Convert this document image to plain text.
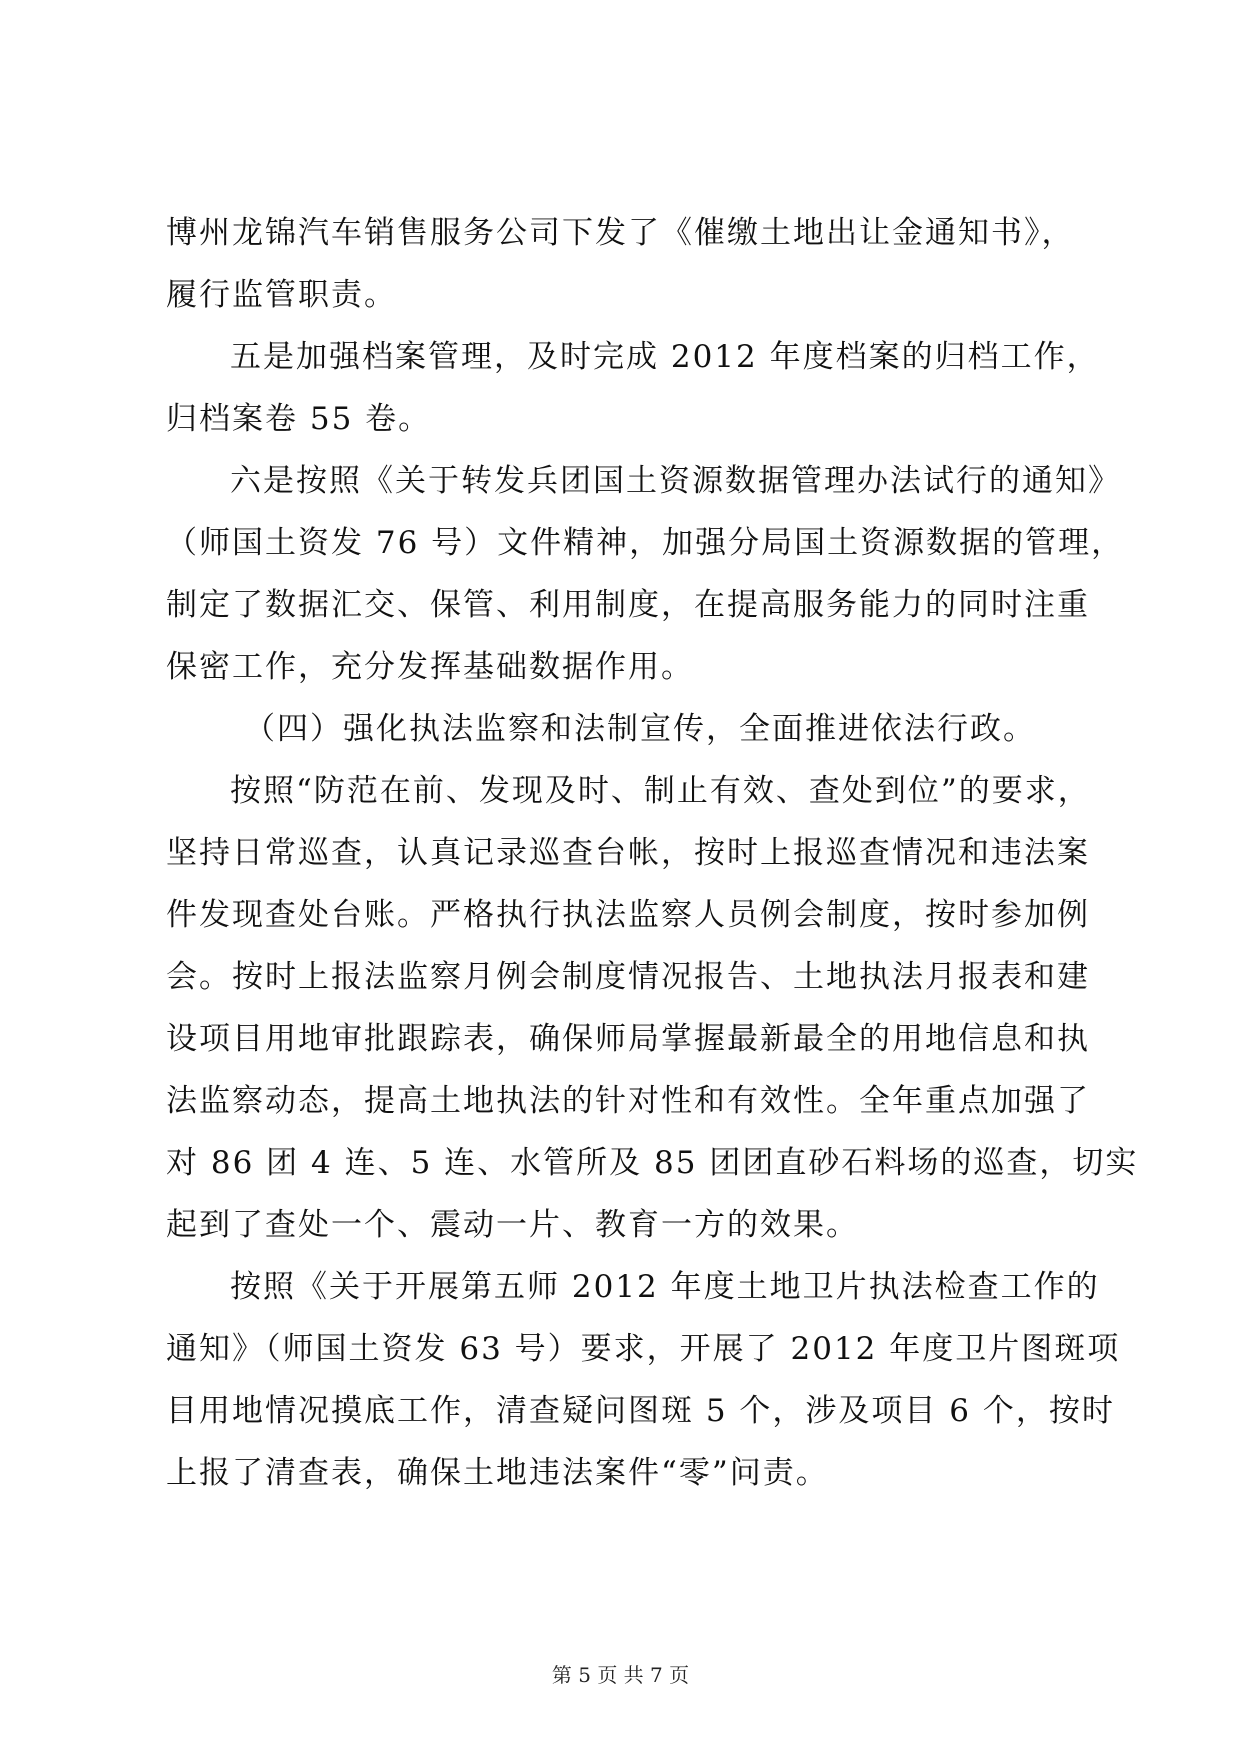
博州龙锦汽车销售服务公司下发了《催缴土地出让金通知书》，
履行监管职责。
五是加强档案管理，及时完成 2012 年度档案的归档工作，
归档案卷 55 卷。
六是按照《关于转发兵团国土资源数据管理办法试行的通知》
（师国土资发 76 号）文件精神，加强分局国土资源数据的管理，
制定了数据汇交、保管、利用制度，在提高服务能力的同时注重
保密工作，充分发挥基础数据作用。
（四）强化执法监察和法制宣传，全面推进依法行政。
按照“防范在前、发现及时、制止有效、查处到位”的要求，
坚持日常巡查，认真记录巡查台帐，按时上报巡查情况和违法案
件发现查处台账。严格执行执法监察人员例会制度，按时参加例
会。按时上报法监察月例会制度情况报告、土地执法月报表和建
设项目用地审批跟踪表，确保师局掌握最新最全的用地信息和执
法监察动态，提高土地执法的针对性和有效性。全年重点加强了
对 86 团 4 连、5 连、水管所及 85 团团直砂石料场的巡查，切实
起到了查处一个、震动一片、教育一方的效果。
按照《关于开展第五师 2012 年度土地卫片执法检查工作的
通知》（师国土资发 63 号）要求，开展了 2012 年度卫片图斑项
目用地情况摸底工作，清查疑问图斑 5 个，涉及项目 6 个，按时
上报了清查表，确保土地违法案件“零”问责。
第 5 页 共 7 页
